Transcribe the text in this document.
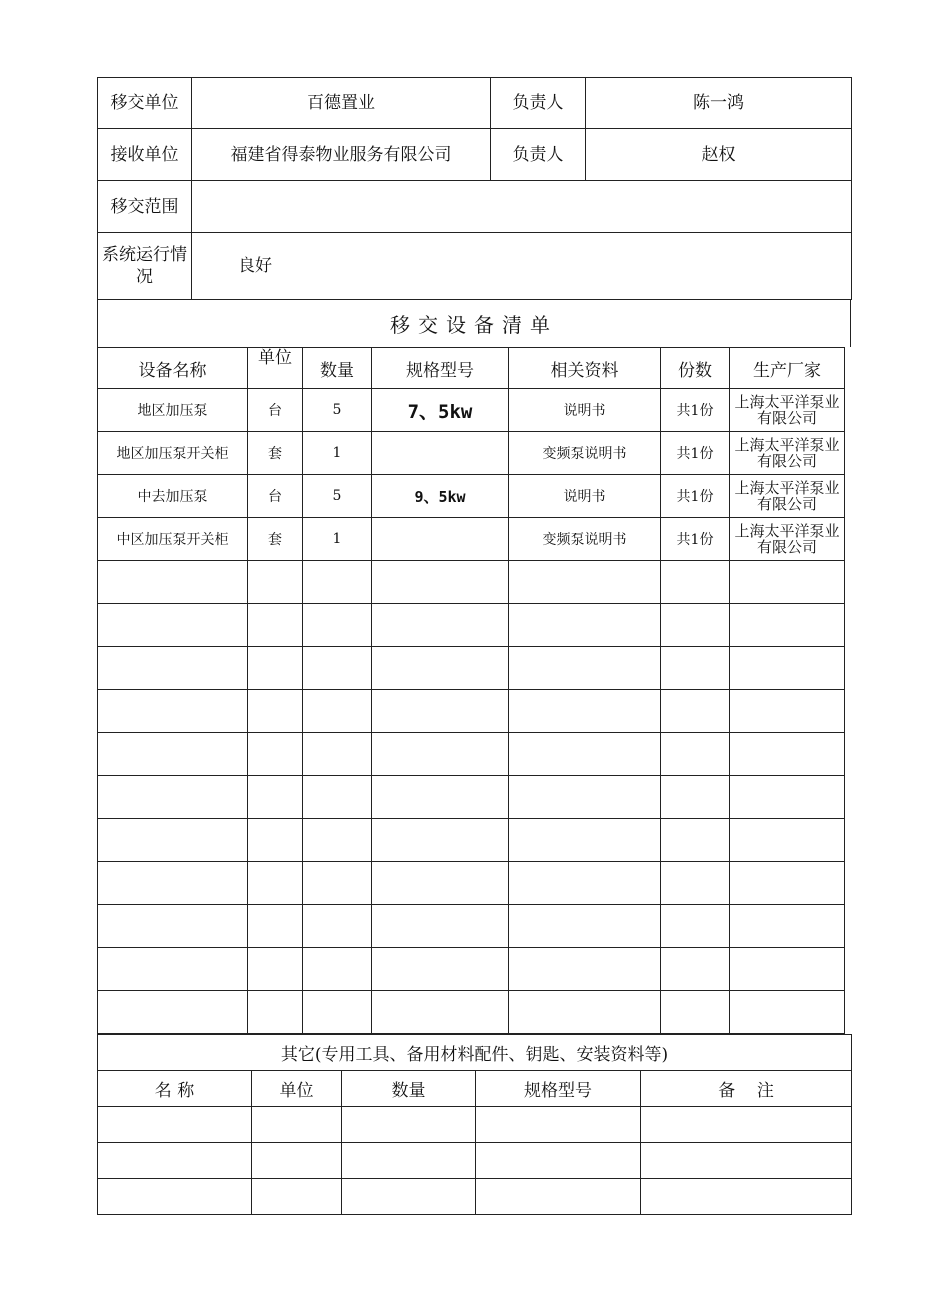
移交单位	百德置业	负责人	陈一鸿
接收单位	福建省得泰物业服务有限公司	负责人	赵权
移交范围			
系统运行情况	良好		
移交设备清单
设备名称	单位	数量	规格型号	相关资料	份数	生产厂家
地区加压泵	台	5	7、5kw	说明书	共1份	上海太平洋泵业有限公司
地区加压泵开关柜	套	1		变频泵说明书	共1份	上海太平洋泵业有限公司
中去加压泵	台	5	9、5kw	说明书	共1份	上海太平洋泵业有限公司
中区加压泵开关柜	套	1		变频泵说明书	共1份	上海太平洋泵业有限公司

其它(专用工具、备用材料配件、钥匙、安装资料等)				
名 称	单位	数量	规格型号	备    注
